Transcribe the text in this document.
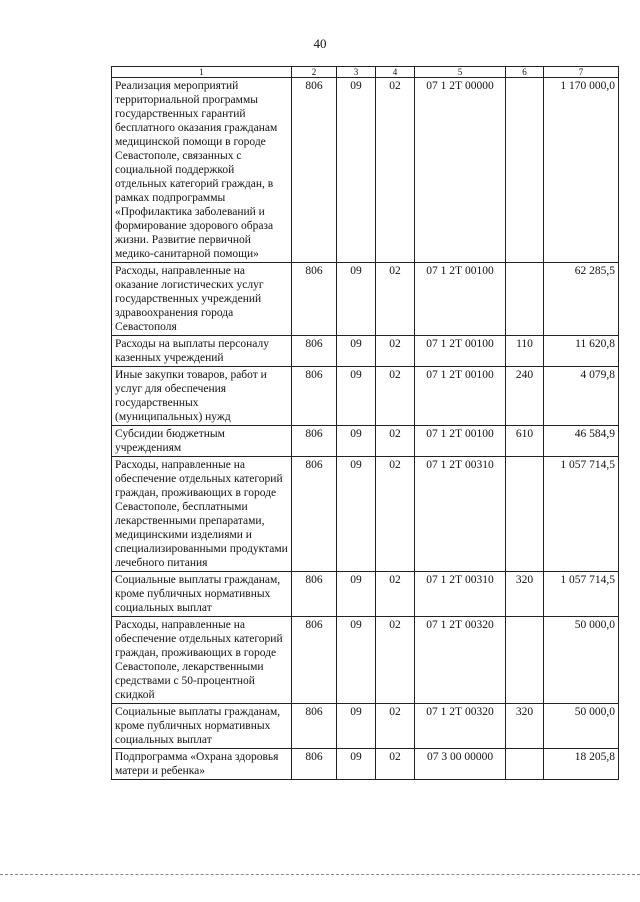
40
1	2	3	4	5	6	7
Реализация мероприятий территориальной программы государственных гарантий бесплатного оказания гражданам медицинской помощи в городе Севастополе, связанных с социальной поддержкой отдельных категорий граждан, в рамках подпрограммы «Профилактика заболеваний и формирование здорового образа жизни. Развитие первичной медико-санитарной помощи»	806	09	02	07 1 2Т 00000		1 170 000,0
Расходы, направленные на оказание логистических услуг государственных учреждений здравоохранения города Севастополя	806	09	02	07 1 2Т 00100		62 285,5
Расходы на выплаты персоналу казенных учреждений	806	09	02	07 1 2Т 00100	110	11 620,8
Иные закупки товаров, работ и услуг для обеспечения государственных (муниципальных) нужд	806	09	02	07 1 2Т 00100	240	4 079,8
Субсидии бюджетным учреждениям	806	09	02	07 1 2Т 00100	610	46 584,9
Расходы, направленные на обеспечение отдельных категорий граждан, проживающих в городе Севастополе, бесплатными лекарственными препаратами, медицинскими изделиями и специализированными продуктами лечебного питания	806	09	02	07 1 2Т 00310		1 057 714,5
Социальные выплаты гражданам, кроме публичных нормативных социальных выплат	806	09	02	07 1 2Т 00310	320	1 057 714,5
Расходы, направленные на обеспечение отдельных категорий граждан, проживающих в городе Севастополе, лекарственными средствами с 50-процентной скидкой	806	09	02	07 1 2Т 00320		50 000,0
Социальные выплаты гражданам, кроме публичных нормативных социальных выплат	806	09	02	07 1 2Т 00320	320	50 000,0
Подпрограмма «Охрана здоровья матери и ребенка»	806	09	02	07 3 00 00000		18 205,8
